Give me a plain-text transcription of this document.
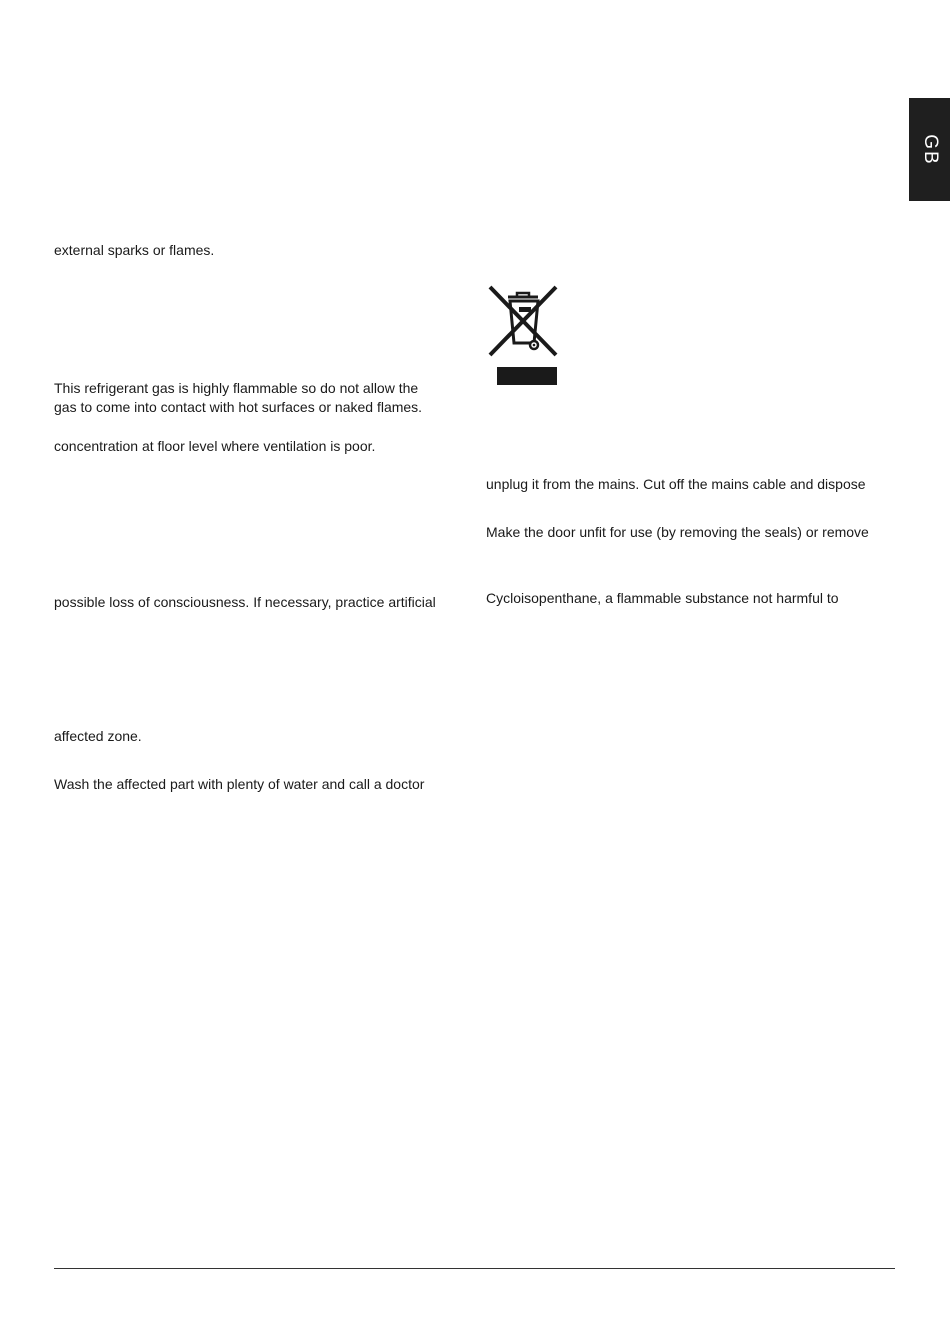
GB
external sparks or flames.
This refrigerant gas is highly flammable so do not allow the
gas to come into contact with hot surfaces or naked flames.
concentration at floor level where ventilation is poor.
possible loss of consciousness. If necessary, practice artificial
affected zone.
Wash the affected part with plenty of water and call a doctor
unplug it from the mains. Cut off the mains cable and dispose
Make the door unfit for use (by removing the seals) or remove
Cycloisopenthane, a flammable substance not harmful to
